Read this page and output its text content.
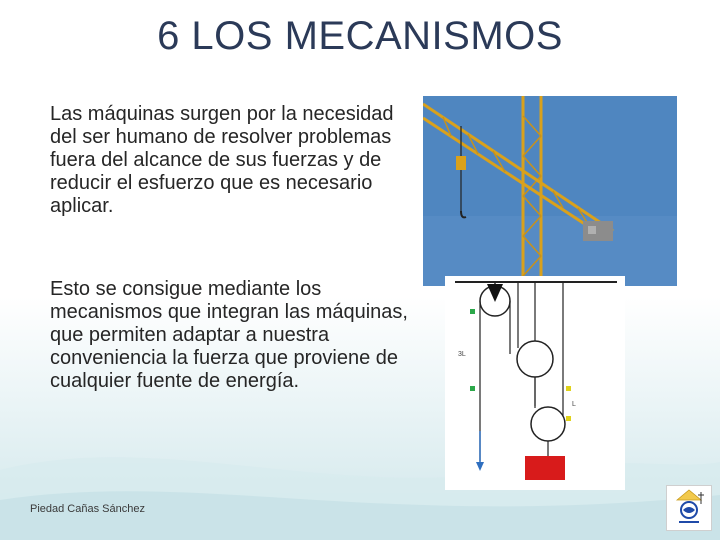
6 LOS MECANISMOS
Las máquinas surgen por la necesidad del ser humano de resolver problemas fuera del alcance de sus fuerzas y de reducir el esfuerzo que es necesario aplicar.
Esto se consigue mediante los mecanismos que integran las máquinas, que permiten adaptar a nuestra conveniencia la fuerza que proviene de cualquier fuente de energía.
3L
L
Piedad Cañas Sánchez
